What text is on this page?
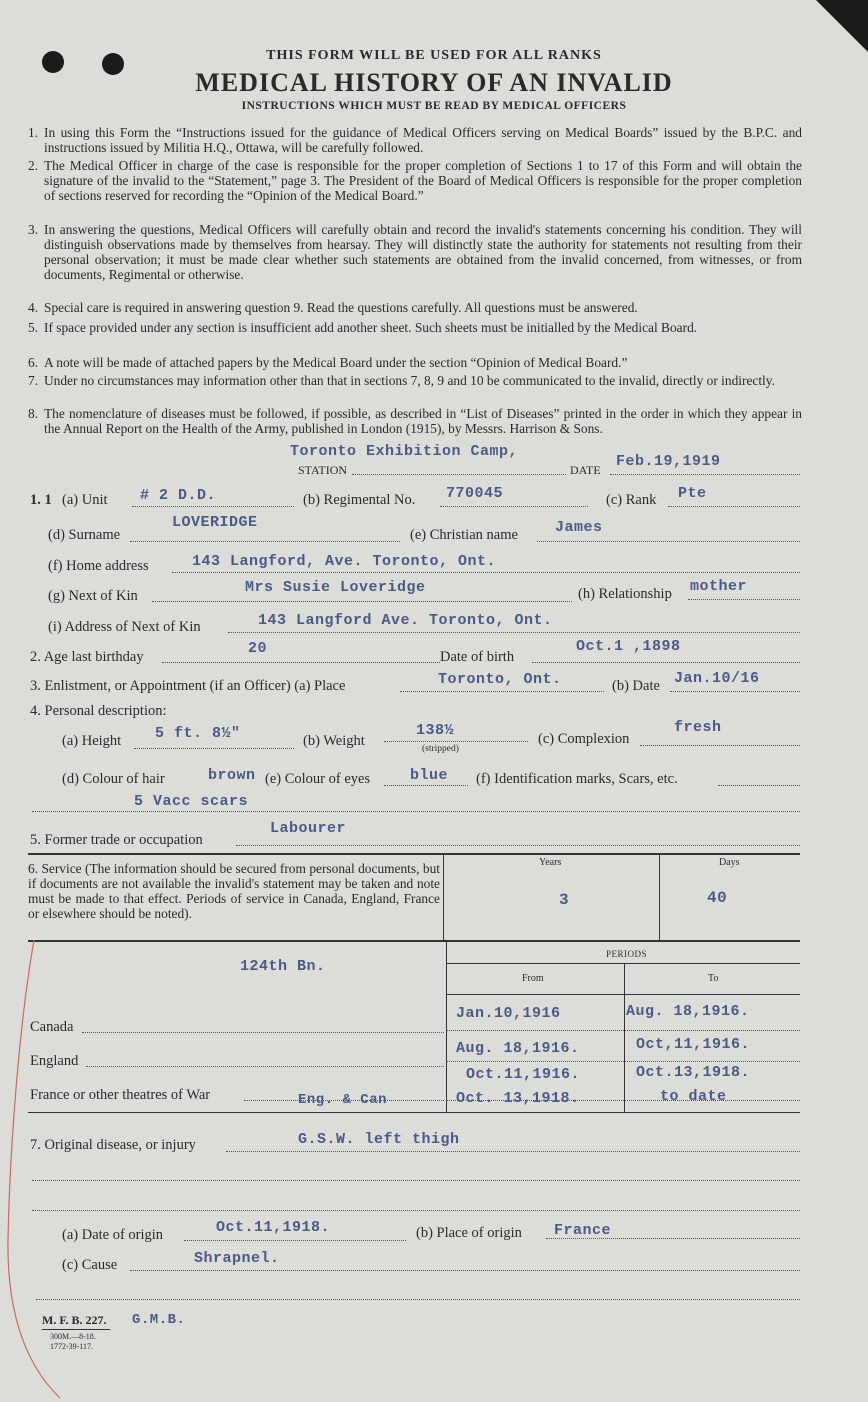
THIS FORM WILL BE USED FOR ALL RANKS
MEDICAL HISTORY OF AN INVALID
INSTRUCTIONS WHICH MUST BE READ BY MEDICAL OFFICERS
1. In using this Form the “Instructions issued for the guidance of Medical Officers serving on Medical Boards” issued by the B.P.C. and instructions issued by Militia H.Q., Ottawa, will be carefully followed.
2. The Medical Officer in charge of the case is responsible for the proper completion of Sections 1 to 17 of this Form and will obtain the signature of the invalid to the “Statement,” page 3. The President of the Board of Medical Officers is responsible for the proper completion of sections reserved for recording the “Opinion of the Medical Board.”
3. In answering the questions, Medical Officers will carefully obtain and record the invalid's statements concerning his condition. They will distinguish observations made by themselves from hearsay. They will distinctly state the authority for statements not resulting from their personal observation; it must be made clear whether such statements are obtained from the invalid concerned, from witnesses, or from documents, Regimental or otherwise.
4. Special care is required in answering question 9. Read the questions carefully. All questions must be answered.
5. If space provided under any section is insufficient add another sheet. Such sheets must be initialled by the Medical Board.
6. A note will be made of attached papers by the Medical Board under the section “Opinion of Medical Board.”
7. Under no circumstances may information other than that in sections 7, 8, 9 and 10 be communicated to the invalid, directly or indirectly.
8. The nomenclature of diseases must be followed, if possible, as described in “List of Diseases” printed in the order in which they appear in the Annual Report on the Health of the Army, published in London (1915), by Messrs. Harrison & Sons.
Toronto Exhibition Camp,
STATION	DATE Feb.19,1919
1. 1 (a) Unit # 2 D.D.	(b) Regimental No. 770045	(c) Rank Pte
(d) Surname
LOVERIDGE
(e) Christian name James
(f) Home address	143 Langford, Ave. Toronto, Ont.
(g) Next of Kin	Mrs Susie Loveridge	(h) Relationship mother
(i) Address of Next of Kin	143 Langford Ave. Toronto, Ont.
2. Age last birthday	20	Date of birth
Oct.1 ,1898
3. Enlistment, or Appointment (if an Officer) (a) Place	Toronto, Ont.	(b) Date Jan.10/16
4. Personal description:
(a) Height 5 ft. 8½"	(b) Weight
138½
(stripped)
(c) Complexion
fresh
(d) Colour of hair	brown (e) Colour of eyes	blue (f) Identification marks, Scars, etc.
5 Vacc scars
5. Former trade or occupation
Labourer
6. Service (The information should be secured from personal documents, but if documents are not available the invalid's statement may be taken and note must be made to that effect. Periods of service in Canada, England, France or elsewhere should be noted).
Years	Days
3	40
124th Bn.
PERIODS
From	To
Canada
Jan.10,1916	Aug. 18,1916.
England
Aug. 18,1916.	Oct,11,1916.
Oct.11,1916.	Oct.13,1918.
France or other theatres of War	Eng. & Can	Oct. 13,1918.	to date
7. Original disease, or injury	G.S.W. left thigh
(a) Date of origin	Oct.11,1918.	(b) Place of origin France
(c) Cause	Shrapnel.
M. F. B. 227. G.M.B.
300M.—8-18.
1772-39-117.
